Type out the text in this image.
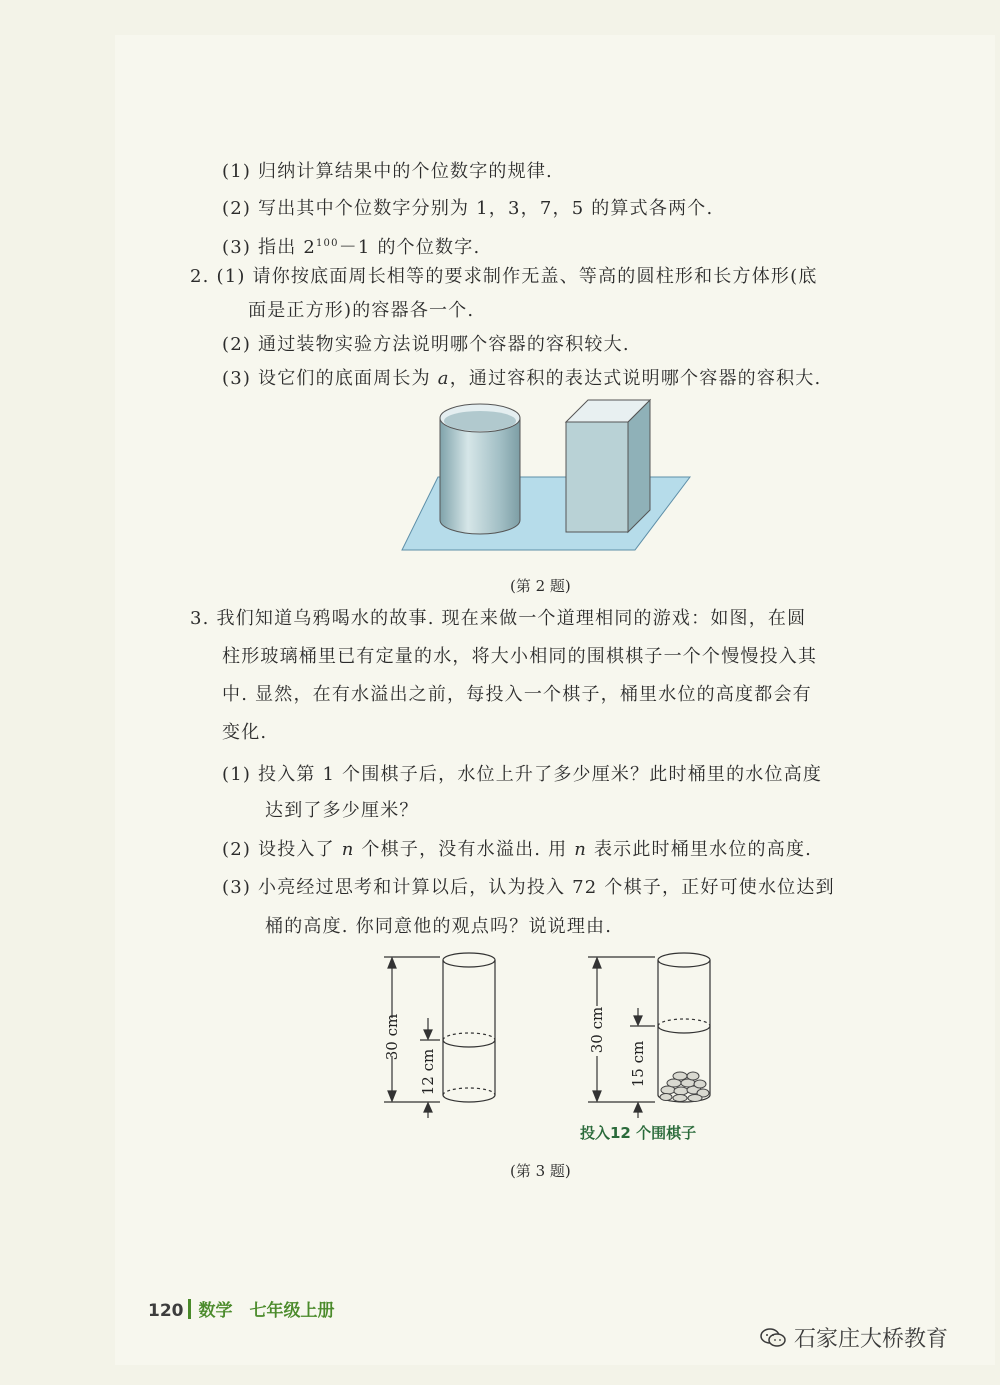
(1) 归纳计算结果中的个位数字的规律.
(2) 写出其中个位数字分别为 1，3，7，5 的算式各两个.
(3) 指出 $2^{100}-1$ 的个位数字.
2. (1) 请你按底面周长相等的要求制作无盖、等高的圆柱形和长方体形(底
面是正方形)的容器各一个.
(2) 通过装物实验方法说明哪个容器的容积较大.
(3) 设它们的底面周长为 a，通过容积的表达式说明哪个容器的容积大.
(第 2 题)
3. 我们知道乌鸦喝水的故事. 现在来做一个道理相同的游戏：如图，在圆
柱形玻璃桶里已有定量的水，将大小相同的围棋棋子一个个慢慢投入其
中. 显然，在有水溢出之前，每投入一个棋子，桶里水位的高度都会有
变化.
(1) 投入第 1 个围棋子后，水位上升了多少厘米？此时桶里的水位高度
达到了多少厘米？
(2) 设投入了 n 个棋子，没有水溢出. 用 n 表示此时桶里水位的高度.
(3) 小亮经过思考和计算以后，认为投入 72 个棋子，正好可使水位达到
桶的高度. 你同意他的观点吗？说说理由.
30 cm
12 cm
30 cm
15 cm
投入12 个围棋子
(第 3 题)
120 数学　七年级上册
石家庄大桥教育
